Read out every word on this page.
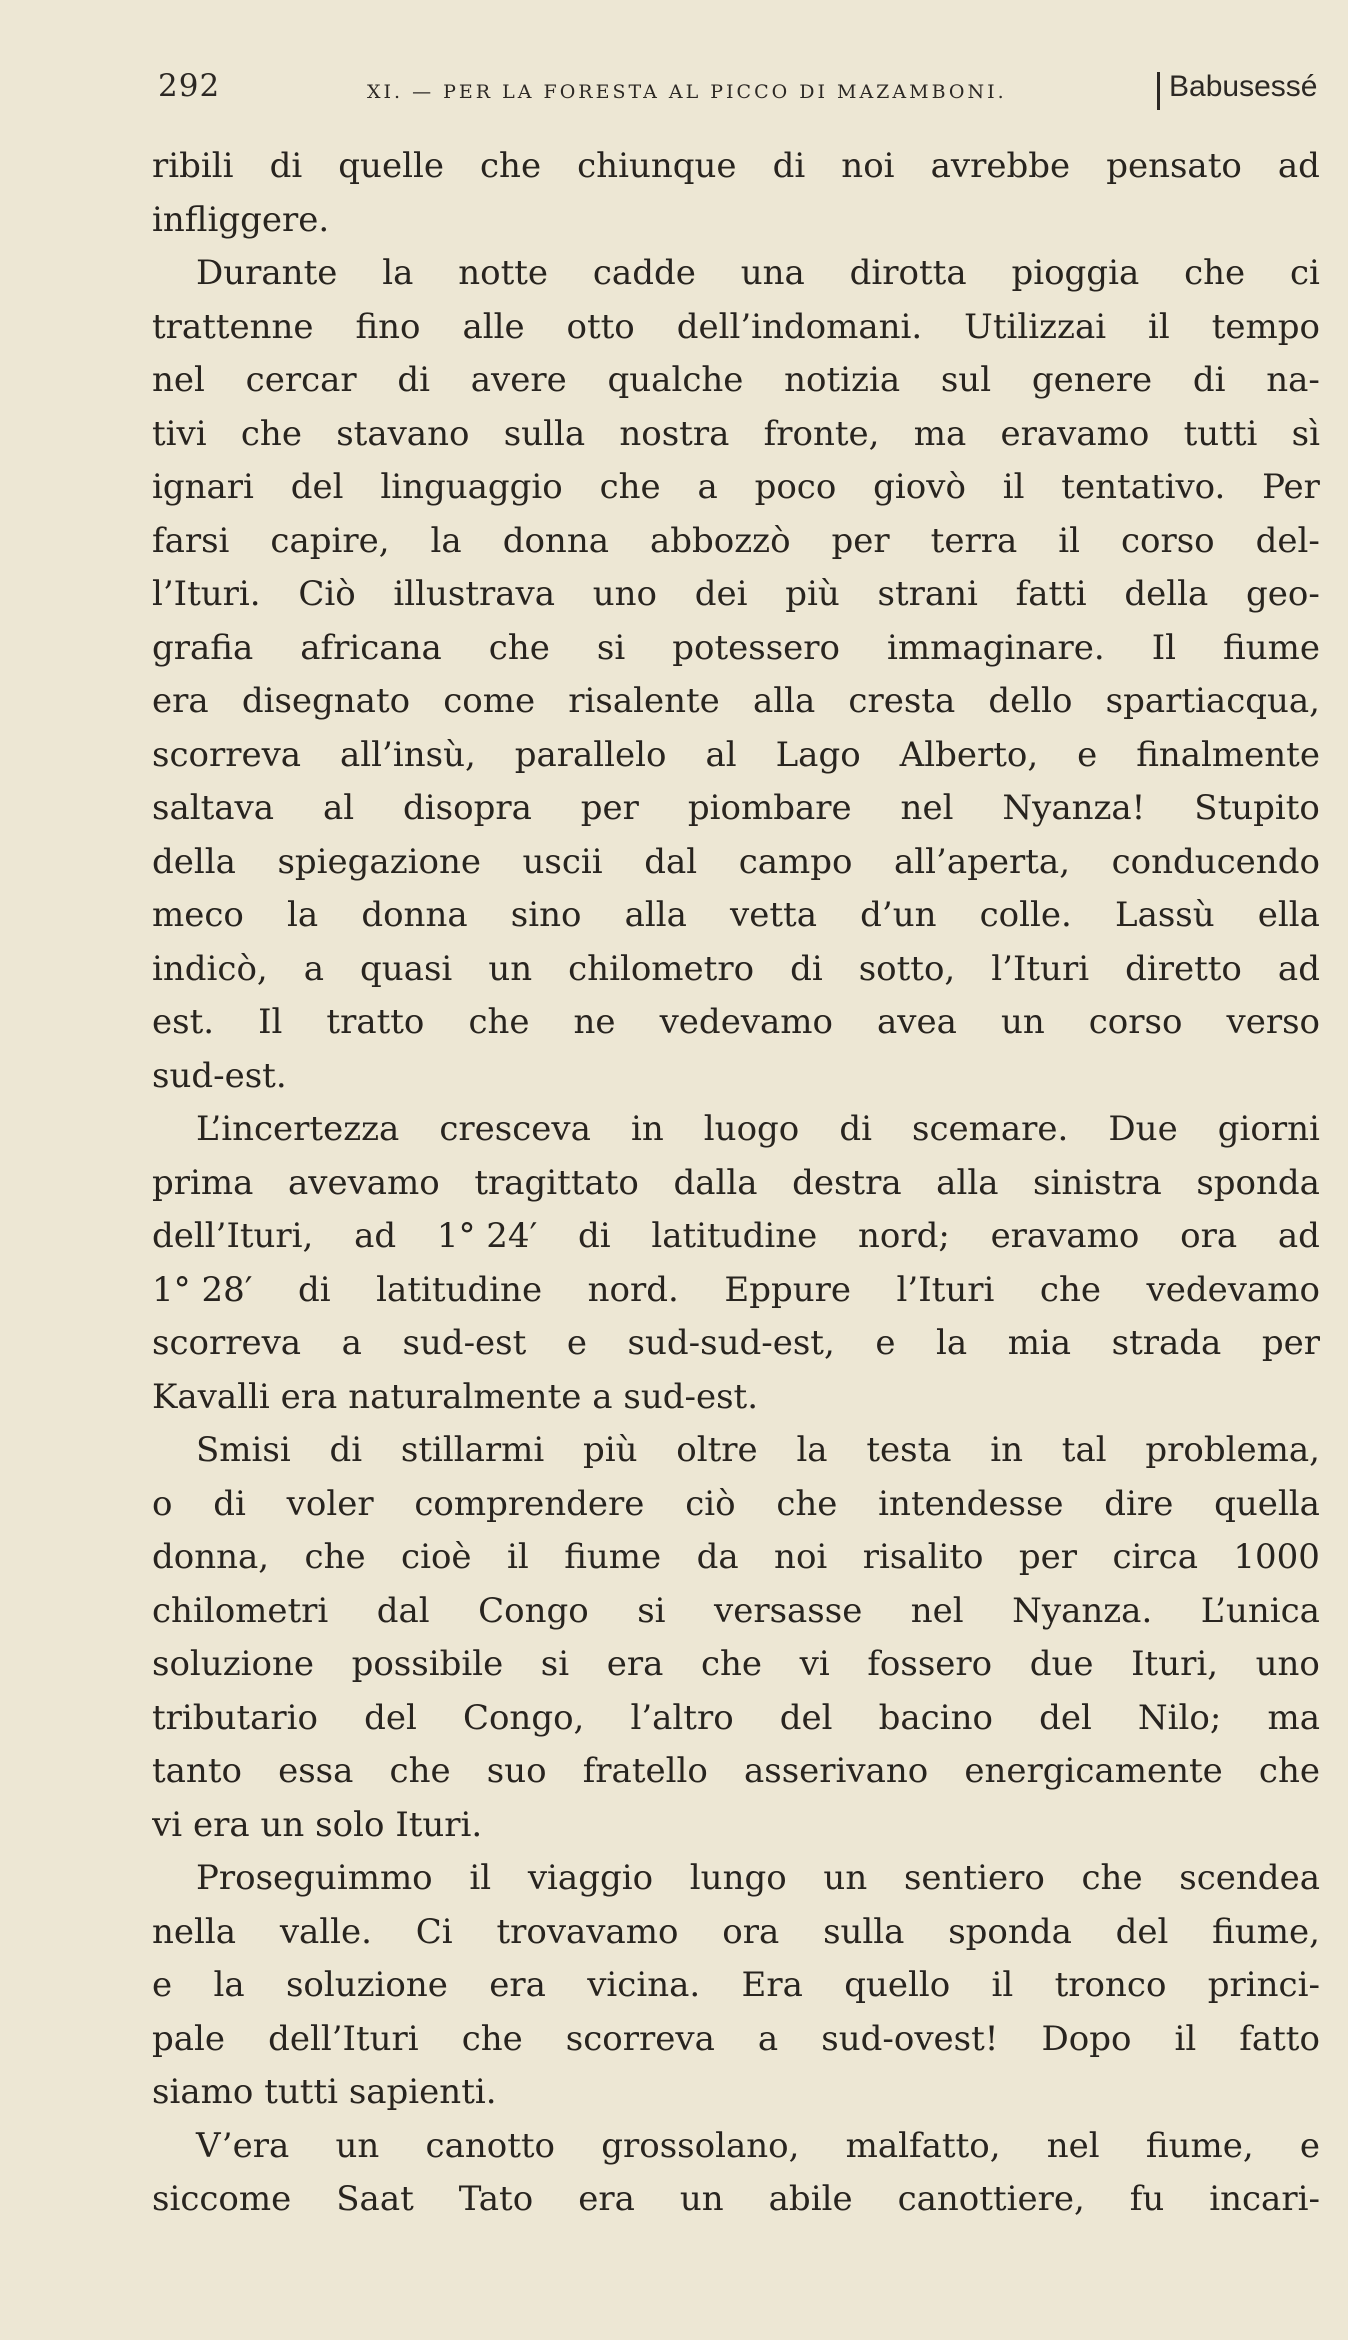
292	XI. — PER LA FORESTA AL PICCO DI MAZAMBONI.	Babusessé
ribili di quelle che chiunque di noi avrebbe pensato ad
infliggere.
Durante la notte cadde una dirotta pioggia che ci
trattenne fino alle otto dell’indomani. Utilizzai il tempo
nel cercar di avere qualche notizia sul genere di na-
tivi che stavano sulla nostra fronte, ma eravamo tutti sì
ignari del linguaggio che a poco giovò il tentativo. Per
farsi capire, la donna abbozzò per terra il corso del-
l’Ituri. Ciò illustrava uno dei più strani fatti della geo-
grafia africana che si potessero immaginare. Il fiume
era disegnato come risalente alla cresta dello spartiacqua,
scorreva all’insù, parallelo al Lago Alberto, e finalmente
saltava al disopra per piombare nel Nyanza! Stupito
della spiegazione uscii dal campo all’aperta, conducendo
meco la donna sino alla vetta d’un colle. Lassù ella
indicò, a quasi un chilometro di sotto, l’Ituri diretto ad
est. Il tratto che ne vedevamo avea un corso verso
sud-est.
L’incertezza cresceva in luogo di scemare. Due giorni
prima avevamo tragittato dalla destra alla sinistra sponda
dell’Ituri, ad 1° 24′ di latitudine nord; eravamo ora ad
1° 28′ di latitudine nord. Eppure l’Ituri che vedevamo
scorreva a sud-est e sud-sud-est, e la mia strada per
Kavalli era naturalmente a sud-est.
Smisi di stillarmi più oltre la testa in tal problema,
o di voler comprendere ciò che intendesse dire quella
donna, che cioè il fiume da noi risalito per circa 1000
chilometri dal Congo si versasse nel Nyanza. L’unica
soluzione possibile si era che vi fossero due Ituri, uno
tributario del Congo, l’altro del bacino del Nilo; ma
tanto essa che suo fratello asserivano energicamente che
vi era un solo Ituri.
Proseguimmo il viaggio lungo un sentiero che scendea
nella valle. Ci trovavamo ora sulla sponda del fiume,
e la soluzione era vicina. Era quello il tronco princi-
pale dell’Ituri che scorreva a sud-ovest! Dopo il fatto
siamo tutti sapienti.
V’era un canotto grossolano, malfatto, nel fiume, e
siccome Saat Tato era un abile canottiere, fu incari-
